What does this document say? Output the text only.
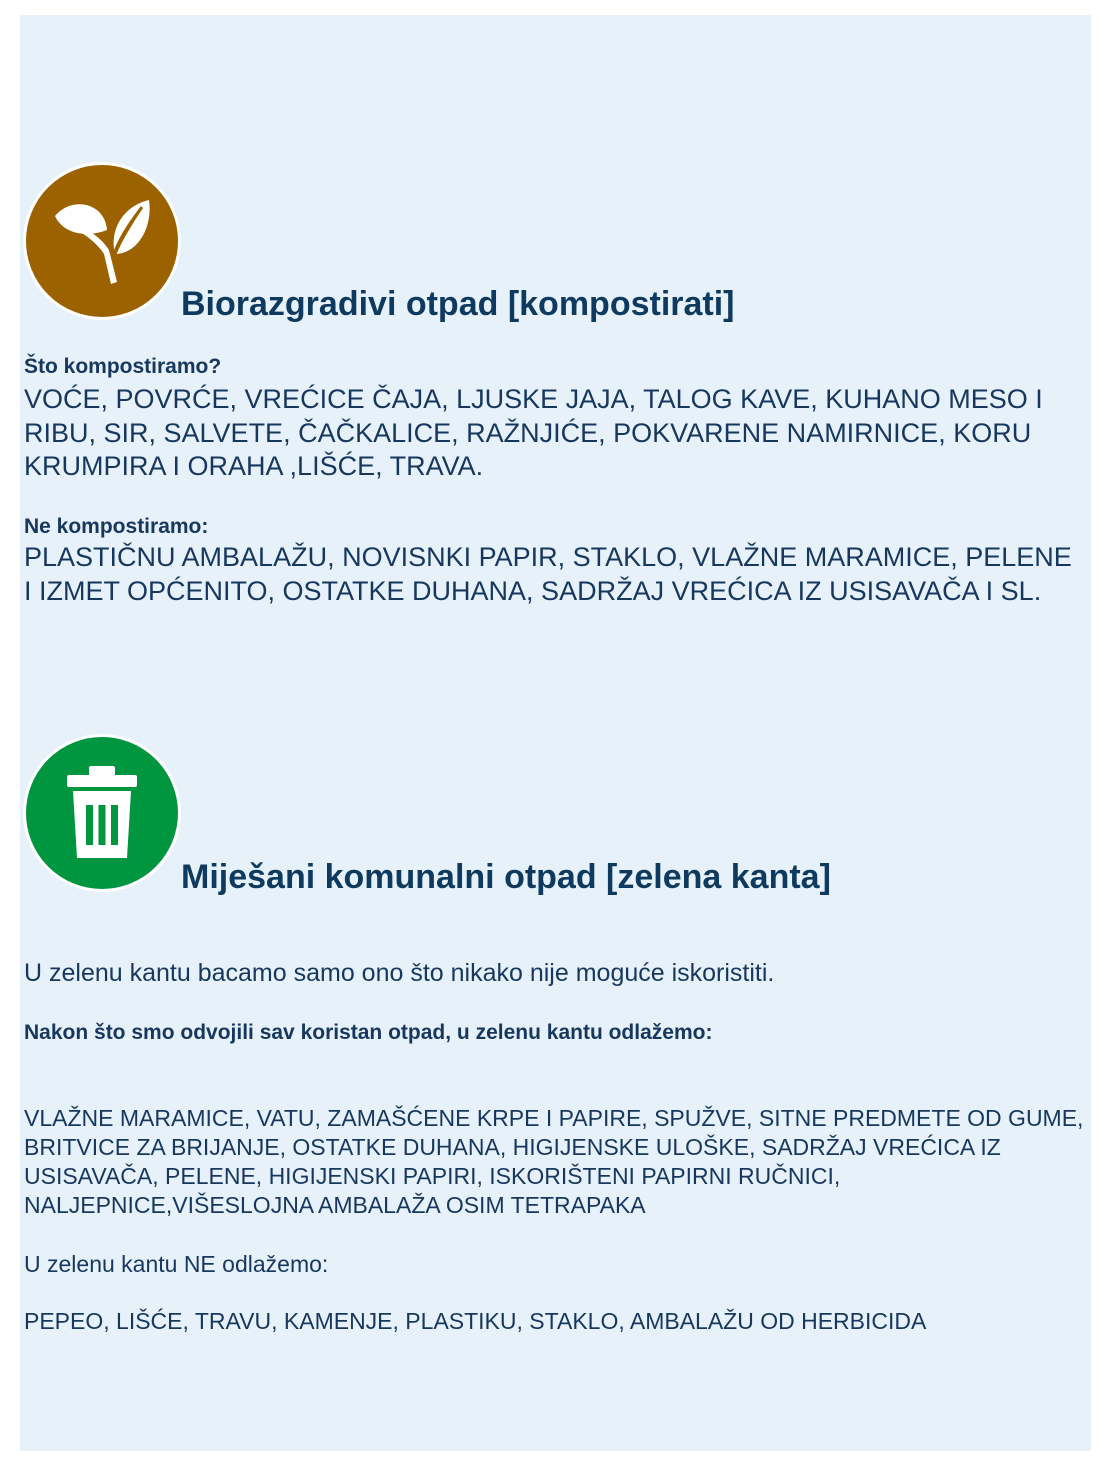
Biorazgradivi otpad [kompostirati]

Što kompostiramo?

VOĆE, POVRĆE, VREĆICE ČAJA, LJUSKE JAJA, TALOG KAVE, KUHANO MESO I RIBU, SIR, SALVETE, ČAČKALICE, RAŽNJIĆE, POKVARENE NAMIRNICE, KORU KRUMPIRA I ORAHA ,LIŠĆE, TRAVA.

Ne kompostiramo:

PLASTIČNU AMBALAŽU, NOVISNKI PAPIR, STAKLO, VLAŽNE MARAMICE, PELENE I IZMET OPĆENITO, OSTATKE DUHANA, SADRŽAJ VREĆICA IZ USISAVAČA I SL.

Miješani komunalni otpad [zelena kanta]

U zelenu kantu bacamo samo ono što nikako nije moguće iskoristiti.

Nakon što smo odvojili sav koristan otpad, u zelenu kantu odlažemo:

VLAŽNE MARAMICE, VATU, ZAMAŠĆENE KRPE I PAPIRE, SPUŽVE, SITNE PREDMETE OD GUME, BRITVICE ZA BRIJANJE, OSTATKE DUHANA, HIGIJENSKE ULOŠKE, SADRŽAJ VREĆICA IZ USISAVAČA, PELENE, HIGIJENSKI PAPIRI, ISKORIŠTENI PAPIRNI RUČNICI, NALJEPNICE,VIŠESLOJNA AMBALAŽA OSIM TETRAPAKA

U zelenu kantu NE odlažemo:

PEPEO, LIŠĆE, TRAVU, KAMENJE, PLASTIKU, STAKLO, AMBALAŽU OD HERBICIDA
